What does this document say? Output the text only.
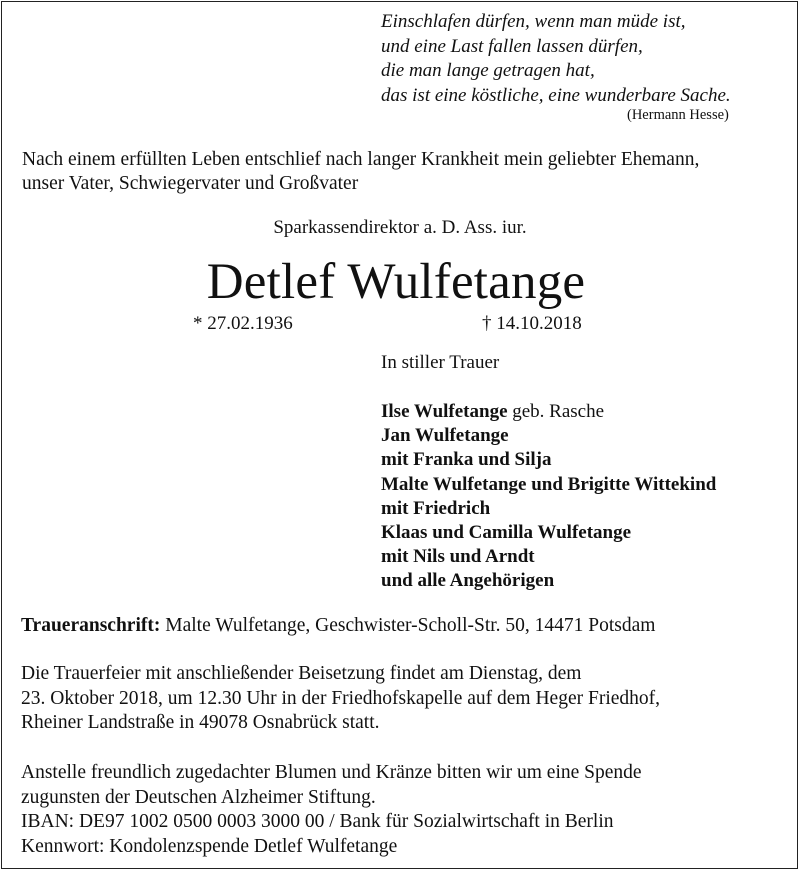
Einschlafen dürfen, wenn man müde ist,
und eine Last fallen lassen dürfen,
die man lange getragen hat,
das ist eine köstliche, eine wunderbare Sache.
(Hermann Hesse)
Nach einem erfüllten Leben entschlief nach langer Krankheit mein geliebter Ehemann,
unser Vater, Schwiegervater und Großvater
Sparkassendirektor a. D. Ass. iur.
Detlef Wulfetange
* 27.02.1936	† 14.10.2018
In stiller Trauer
Ilse Wulfetange geb. Rasche
Jan Wulfetange
mit Franka und Silja
Malte Wulfetange und Brigitte Wittekind
mit Friedrich
Klaas und Camilla Wulfetange
mit Nils und Arndt
und alle Angehörigen
Traueranschrift: Malte Wulfetange, Geschwister-Scholl-Str. 50, 14471 Potsdam
Die Trauerfeier mit anschließender Beisetzung findet am Dienstag, dem
23. Oktober 2018, um 12.30 Uhr in der Friedhofskapelle auf dem Heger Friedhof,
Rheiner Landstraße in 49078 Osnabrück statt.
Anstelle freundlich zugedachter Blumen und Kränze bitten wir um eine Spende
zugunsten der Deutschen Alzheimer Stiftung.
IBAN: DE97 1002 0500 0003 3000 00 / Bank für Sozialwirtschaft in Berlin
Kennwort: Kondolenzspende Detlef Wulfetange
